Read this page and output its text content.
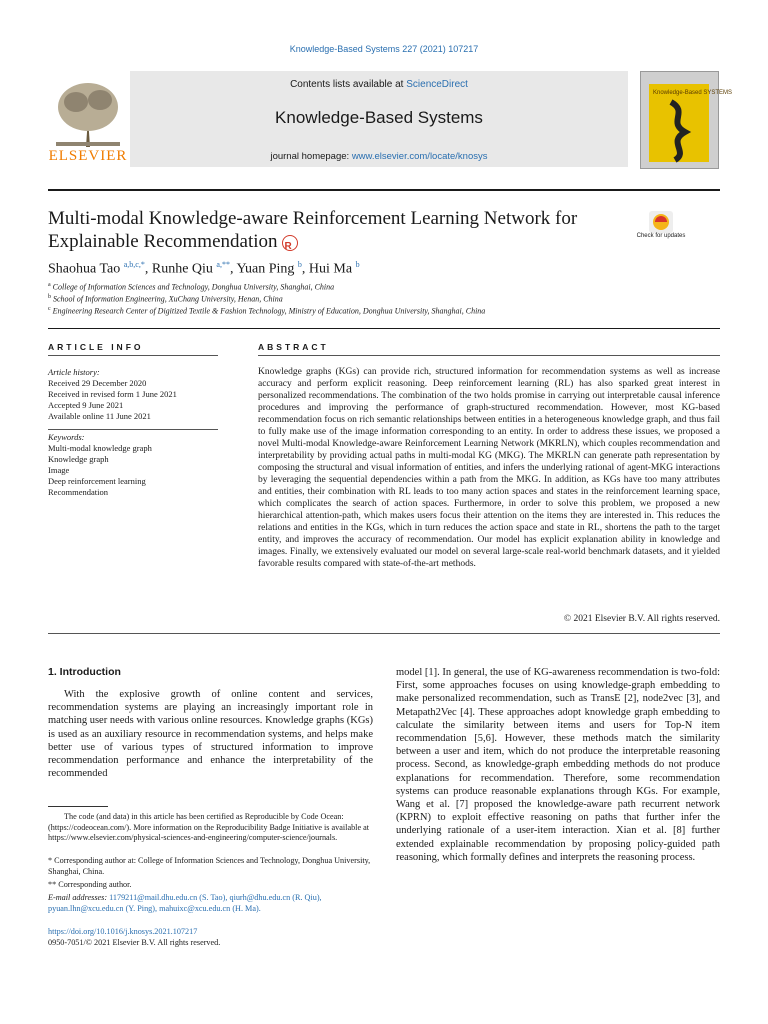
Knowledge-Based Systems 227 (2021) 107217
Contents lists available at ScienceDirect
Knowledge-Based Systems
journal homepage: www.elsevier.com/locate/knosys
ELSEVIER
Knowledge-Based SYSTEMS
Multi-modal Knowledge-aware Reinforcement Learning Network for Explainable RecommendationR	Check for updates
Shaohua Tao $^{a,b,c,*}$, Runhe Qiu $^{a,**}$, Yuan Ping $^b$, Hui Ma $^b$
$^a$ College of Information Sciences and Technology, Donghua University, Shanghai, China
$^b$ School of Information Engineering, XuChang University, Henan, China
$^c$ Engineering Research Center of Digitized Textile & Fashion Technology, Ministry of Education, Donghua University, Shanghai, China
ARTICLE INFO
Article history:
Received 29 December 2020
Received in revised form 1 June 2021
Accepted 9 June 2021
Available online 11 June 2021
Keywords:
Multi-modal knowledge graph
Knowledge graph
Image
Deep reinforcement learning
Recommendation
ABSTRACT
Knowledge graphs (KGs) can provide rich, structured information for recommendation systems as well as increase accuracy and perform explicit reasoning. Deep reinforcement learning (RL) has also sparked great interest in personalized recommendations. The combination of the two holds promise in carrying out interpretable causal inference procedures and improving the performance of graph-structured recommendation. However, most KG-based recommendation focus on rich semantic relationships between entities in a heterogeneous knowledge graph, and thus fail to fully make use of the image information corresponding to an entity. In order to address these issues, we proposed a novel Multi-modal Knowledge-aware Reinforcement Learning Network (MKRLN), which couples recommendation and interpretability by providing actual paths in multi-modal KG (MKG). The MKRLN can generate path representation by composing the structural and visual information of entities, and infers the underlying rational of agent-MKG interactions by leveraging the sequential dependencies within a path from the MKG. In addition, as KGs have too many attributes and entities, their combination with RL leads to too many action spaces and states in the reinforcement learning space, which complicates the search of action spaces. Furthermore, in order to solve this problem, we proposed a new hierarchical attention-path, which makes users focus their attention on the items they are interested in. This reduces the relations and entities in the KGs, which in turn reduces the action space and state in RL, shortens the path to the target entity, and improves the accuracy of recommendation. Our model has explicit explanation ability in knowledge and images. Finally, we extensively evaluated our model on several large-scale real-world benchmark datasets, and it yielded favorable results compared with state-of-the-art methods.
© 2021 Elsevier B.V. All rights reserved.
1. Introduction
With the explosive growth of online content and services, recommendation systems are playing an increasingly important role in matching user needs with various online resources. Knowledge graphs (KGs) is used as an auxiliary resource in recommendation systems, and helps make better use of various types of structured information to improve recommendation performance and enhance the interpretability of the recommended
model [1]. In general, the use of KG-awareness recommendation is two-fold: First, some approaches focuses on using knowledge-graph embedding to make personalized recommendation, such as TransE [2], node2vec [3], and Metapath2Vec [4]. These approaches adopt knowledge graph embedding to calculate the similarity between items and users for Top-N item recommendation [5,6]. However, these methods match the similarity between a user and item, which do not produce the interpretable reasoning process. Second, as knowledge-graph embedding methods do not produce explanations for recommendation. Therefore, some recommendation systems can produce reasonable explanations through KGs. For example, Wang et al. [7] proposed the knowledge-aware path recurrent network (KPRN) to exploit effective reasoning on paths that further infer the underlying rationale of a user-item interaction. Xian et al. [8] further extended explainable recommendation by proposing policy-guided path reasoning, which formally defines and interprets the reasoning process.
The code (and data) in this article has been certified as Reproducible by Code Ocean: (https://codeocean.com/). More information on the Reproducibility Badge Initiative is available at https://www.elsevier.com/physical-sciences-and-engineering/computer-science/journals.
* Corresponding author at: College of Information Sciences and Technology, Donghua University, Shanghai, China.
** Corresponding author.
E-mail addresses: 1179211@mail.dhu.edu.cn (S. Tao), qiurh@dhu.edu.cn (R. Qiu), pyuan.lhn@xcu.edu.cn (Y. Ping), mahuixc@xcu.edu.cn (H. Ma).
https://doi.org/10.1016/j.knosys.2021.107217
0950-7051/© 2021 Elsevier B.V. All rights reserved.
